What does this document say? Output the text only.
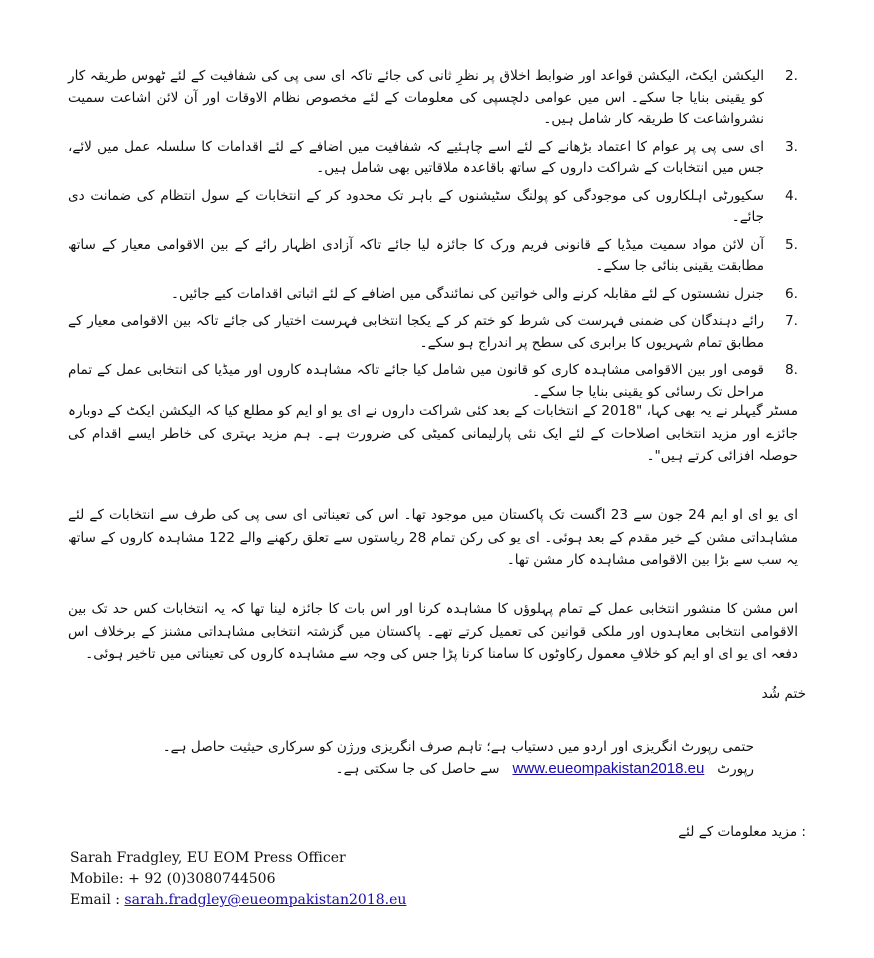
2.
الیکشن ایکٹ، الیکشن قواعد اور ضوابط اخلاق پر نظرِ ثانی کی جائے تاکہ ای سی پی کی شفافیت کے لئے ٹھوس طریقہ کار کو یقینی بنایا جا سکے۔ اس میں عوامی دلچسپی کی معلومات کے لئے مخصوص نظام الاوقات اور آن لائن اشاعت سمیت نشرواشاعت کا طریقہ کار شامل ہیں۔
3.
ای سی پی پر عوام کا اعتماد بڑھانے کے لئے اسے چاہئیے کہ شفافیت میں اضافے کے لئے اقدامات کا سلسلہ عمل میں لائے، جس میں انتخابات کے شراکت داروں کے ساتھ باقاعدہ ملاقاتیں بھی شامل ہیں۔
4.
سکیورٹی اہلکاروں کی موجودگی کو پولنگ سٹیشنوں کے باہر تک محدود کر کے انتخابات کے سول انتظام کی ضمانت دی جائے۔
5.
آن لائن مواد سمیت میڈیا کے قانونی فریم ورک کا جائزہ لیا جائے تاکہ آزادی اظہار رائے کے بین الاقوامی معیار کے ساتھ مطابقت یقینی بنائی جا سکے۔
6.
جنرل نشستوں کے لئے مقابلہ کرنے والی خواتین کی نمائندگی میں اضافے کے لئے اثباتی اقدامات کیے جائیں۔
7.
رائے دہندگان کی ضمنی فہرست کی شرط کو ختم کر کے یکجا انتخابی فہرست اختیار کی جائے تاکہ بین الاقوامی معیار کے مطابق تمام شہریوں کا برابری کی سطح پر اندراج ہو سکے۔
8.
قومی اور بین الاقوامی مشاہدہ کاری کو قانون میں شامل کیا جائے تاکہ مشاہدہ کاروں اور میڈیا کی انتخابی عمل کے تمام مراحل تک رسائی کو یقینی بنایا جا سکے۔

مسٹر گیہلر نے یہ بھی کہا، "2018 کے انتخابات کے بعد کئی شراکت داروں نے ای یو او ایم کو مطلع کیا کہ الیکشن ایکٹ کے دوبارہ جائزے اور مزید انتخابی اصلاحات کے لئے ایک نئی پارلیمانی کمیٹی کی ضرورت ہے۔ ہم مزید بہتری کی خاطر ایسے اقدام کی حوصلہ افزائی کرتے ہیں"۔

ای یو ای او ایم 24 جون سے 23 اگست تک پاکستان میں موجود تھا۔ اس کی تعیناتی ای سی پی کی طرف سے انتخابات کے لئے مشاہداتی مشن کے خیر مقدم کے بعد ہوئی۔ ای یو کی رکن تمام 28 ریاستوں سے تعلق رکھنے والے 122 مشاہدہ کاروں کے ساتھ یہ سب سے بڑا بین الاقوامی مشاہدہ کار مشن تھا۔

اس مشن کا منشور انتخابی عمل کے تمام پہلوؤں کا مشاہدہ کرنا اور اس بات کا جائزہ لینا تھا کہ یہ انتخابات کس حد تک بین الاقوامی انتخابی معاہدوں اور ملکی قوانین کی تعمیل کرتے تھے۔ پاکستان میں گزشتہ انتخابی مشاہداتی مشنز کے برخلاف اس دفعہ ای یو ای او ایم کو خلافِ معمول رکاوٹوں کا سامنا کرنا پڑا جس کی وجہ سے مشاہدہ کاروں کی تعیناتی میں تاخیر ہوئی۔

ختم شُد

حتمی رپورٹ انگریزی اور اردو میں دستیاب ہے؛ تاہم صرف انگریزی ورژن کو سرکاری حیثیت حاصل ہے۔
رپورٹ   www.eueompakistan2018.eu   سے حاصل کی جا سکتی ہے۔

: مزید معلومات کے لئے

Sarah Fradgley, EU EOM Press Officer
Mobile: + 92 (0)3080744506
Email : sarah.fradgley@eueompakistan2018.eu
